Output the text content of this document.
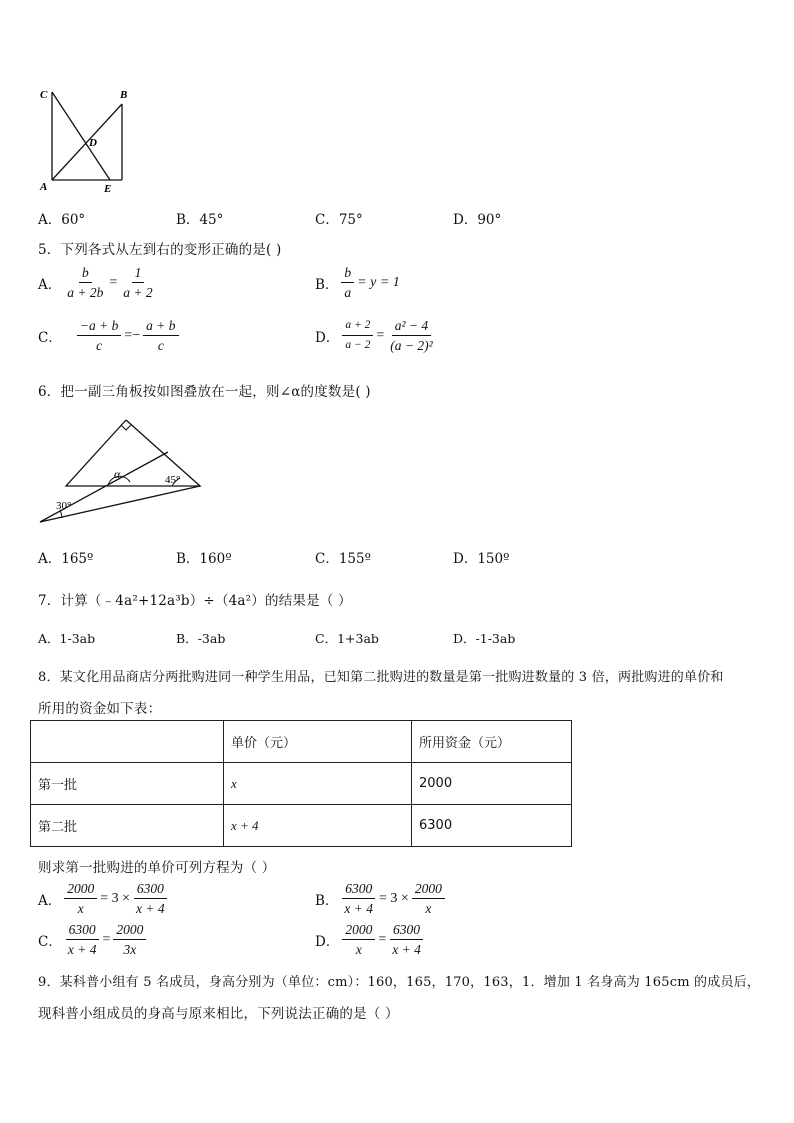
C	B
D
A	E
A．60°	B．45°	C．75°	D．90°
5．下列各式从左到右的变形正确的是( )
A． $\frac{b}{a + 2b} = \frac{1}{a + 2}$	B． $\frac{b}{a} = y = 1$
C． $\frac{-a + b}{c} =- \frac{a + b}{c}$	D． $\frac{a + 2}{a - 2} = \frac{\text{a² − 4}}{\text{(a − 2)²}}$
6．把一副三角板按如图叠放在一起，则∠α的度数是( )
α	45°
30°
A．165º	B．160º	C．155º	D．150º
7．计算（﹣4a²+12a³b）÷（4a²）的结果是（ ）
A．1-3ab	B．-3ab	C．1+3ab	D．-1-3ab
8．某文化用品商店分两批购进同一种学生用品，已知第二批购进的数量是第一批购进数量的 3 倍，两批购进的单价和
所用的资金如下表：
	单价（元）	所用资金（元）
第一批	x	2000
第二批	x + 4	6300
则求第一批购进的单价可列方程为（ ）
A． $\frac{2000}{x} = 3 \times \frac{6300}{x + 4}$	B． $\frac{6300}{x + 4} = 3 \times \frac{2000}{x}$
C． $\frac{6300}{x + 4} = \frac{2000}{3x}$	D． $\frac{2000}{x} = \frac{6300}{x + 4}$
9．某科普小组有 5 名成员，身高分别为（单位：cm）：160，165，170，163，1．增加 1 名身高为 165cm 的成员后，
现科普小组成员的身高与原来相比，下列说法正确的是（ ）
